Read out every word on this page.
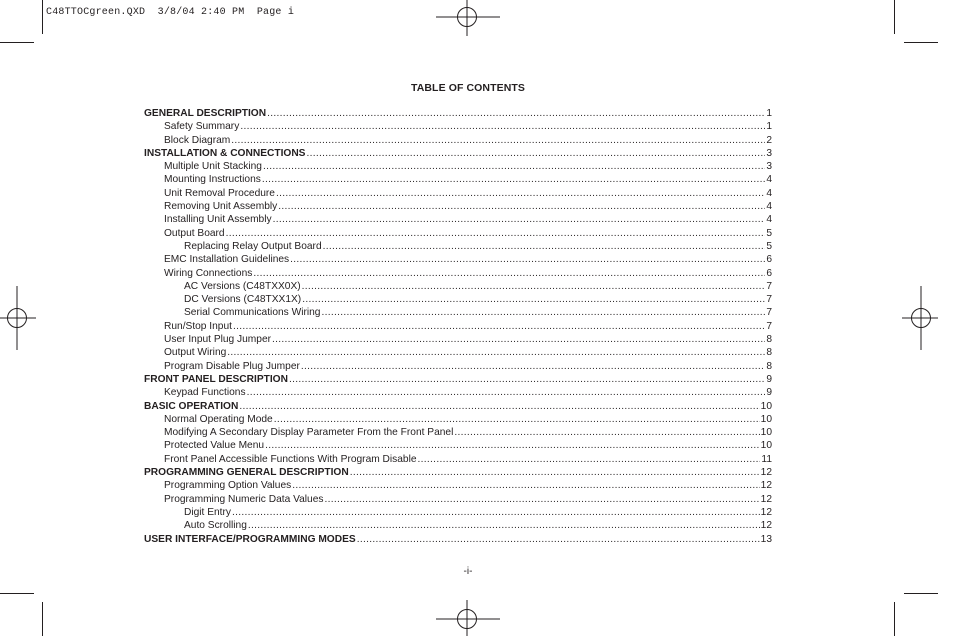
C48TTOCgreen.QXD  3/8/04 2:40 PM  Page i
TABLE OF CONTENTS
GENERAL DESCRIPTION .....	1
Safety Summary .....	1
Block Diagram .....	2
INSTALLATION & CONNECTIONS .....	3
Multiple Unit Stacking .....	3
Mounting Instructions .....	4
Unit Removal Procedure .....	4
Removing Unit Assembly .....	4
Installing Unit Assembly .....	4
Output Board .....	5
Replacing Relay Output Board .....	5
EMC Installation Guidelines .....	6
Wiring Connections .....	6
AC Versions (C48TXX0X) .....	7
DC Versions (C48TXX1X) .....	7
Serial Communications Wiring .....	7
Run/Stop Input .....	7
User Input Plug Jumper .....	8
Output Wiring .....	8
Program Disable Plug Jumper .....	8
FRONT PANEL DESCRIPTION .....	9
Keypad Functions .....	9
BASIC OPERATION .....	10
Normal Operating Mode .....	10
Modifying A Secondary Display Parameter From the Front Panel .....	10
Protected Value Menu .....	10
Front Panel Accessible Functions With Program Disable .....	11
PROGRAMMING GENERAL DESCRIPTION .....	12
Programming Option Values .....	12
Programming Numeric Data Values .....	12
Digit Entry .....	12
Auto Scrolling .....	12
USER INTERFACE/PROGRAMMING MODES .....	13
-i-
